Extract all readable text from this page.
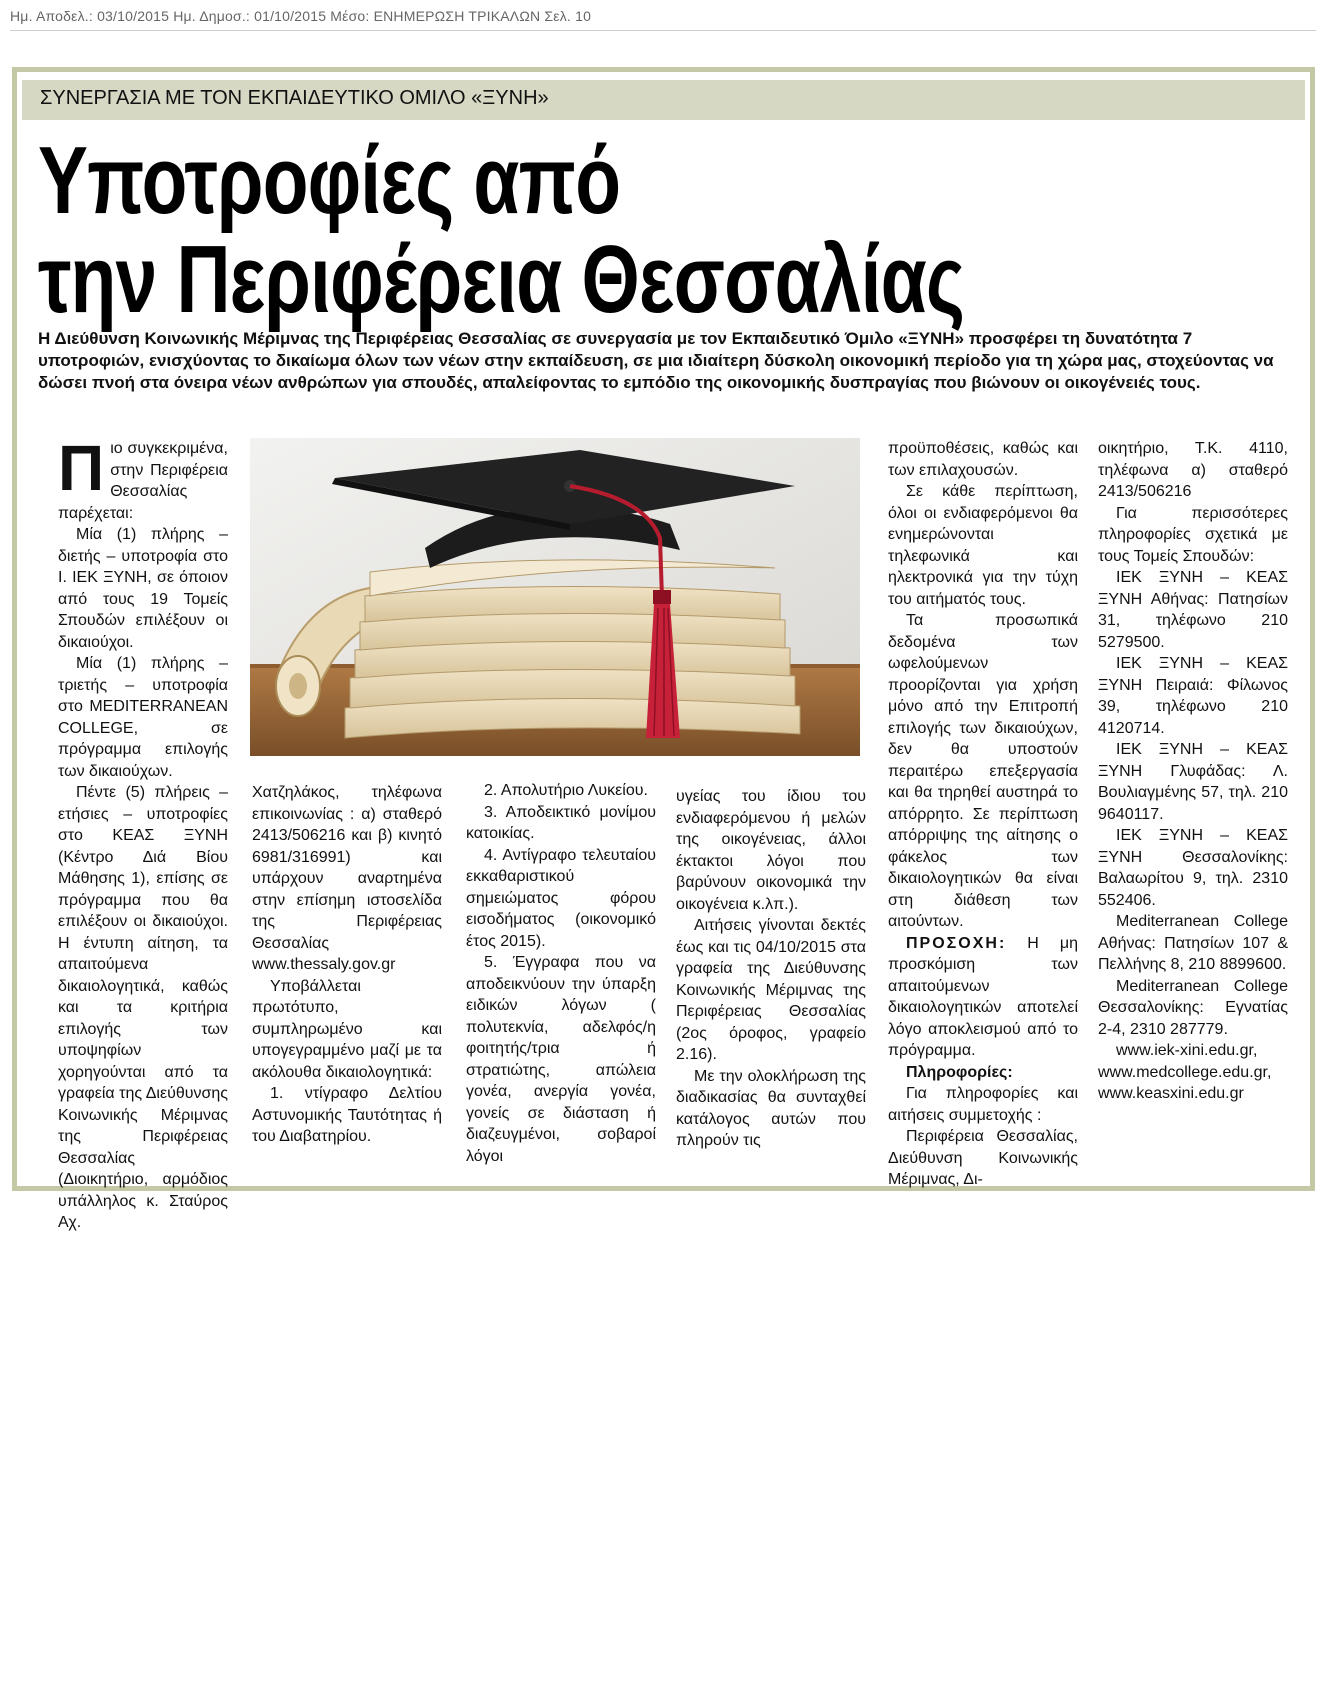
Ημ. Αποδελ.: 03/10/2015 Ημ. Δημοσ.: 01/10/2015 Μέσο: ΕΝΗΜΕΡΩΣΗ ΤΡΙΚΑΛΩΝ Σελ. 10
ΣΥΝΕΡΓΑΣΙΑ ΜΕ ΤΟΝ ΕΚΠΑΙΔΕΥΤΙΚΟ ΟΜΙΛΟ «ΞΥΝΗ»
Υποτροφίες από
την Περιφέρεια Θεσσαλίας
Η Διεύθυνση Κοινωνικής Μέριμνας της Περιφέρειας Θεσσαλίας σε συνεργασία με τον Εκπαιδευτικό Όμιλο «ΞΥΝΗ» προσφέρει τη δυνατότητα 7 υποτροφιών, ενισχύοντας το δικαίωμα όλων των νέων στην εκπαίδευση, σε μια ιδιαίτερη δύσκολη οικονομική περίοδο για τη χώρα μας, στοχεύοντας να δώσει πνοή στα όνειρα νέων ανθρώπων για σπουδές, απαλείφοντας το εμπόδιο της οικονομικής δυσπραγίας που βιώνουν οι οικογένειές τους.

Πιο συγκεκριμένα, στην Περιφέρεια Θεσσαλίας παρέχεται:

Μία (1) πλήρης – διετής – υποτροφία στο Ι. ΙΕΚ ΞΥΝΗ, σε όποιον από τους 19 Τομείς Σπουδών επιλέξουν οι δικαιούχοι.

Μία (1) πλήρης – τριετής – υποτροφία στο MEDITERRANEAN COLLEGE, σε πρόγραμμα επιλογής των δικαιούχων.

Πέντε (5) πλήρεις – ετήσιες – υποτροφίες στο ΚΕΑΣ ΞΥΝΗ (Κέντρο Διά Βίου Μάθησης 1), επίσης σε πρόγραμμα που θα επιλέξουν οι δικαιούχοι. Η έντυπη αίτηση, τα απαιτούμενα δικαιολογητικά, καθώς και τα κριτήρια επιλογής των υποψηφίων χορηγούνται από τα γραφεία της Διεύθυνσης Κοινωνικής Μέριμνας της Περιφέρειας Θεσσαλίας (Διοικητήριο, αρμόδιος υπάλληλος κ. Σταύρος Αχ.

Χατζηλάκος, τηλέφωνα επικοινωνίας : α) σταθερό 2413/506216 και β) κινητό 6981/316991) και υπάρχουν αναρτημένα στην επίσημη ιστοσελίδα της Περιφέρειας Θεσσαλίας www.thessaly.gov.gr

Υποβάλλεται πρωτότυπο, συμπληρωμένο και υπογεγραμμένο μαζί με τα ακόλουθα δικαιολογητικά:

1. ντίγραφο Δελτίου Αστυνομικής Ταυτότητας ή του Διαβατηρίου.

2. Απολυτήριο Λυκείου.

3. Αποδεικτικό μονίμου κατοικίας.

4. Αντίγραφο τελευταίου εκκαθαριστικού σημειώματος φόρου εισοδήματος (οικονομικό έτος 2015).

5. Έγγραφα που να αποδεικνύουν την ύπαρξη ειδικών λόγων ( πολυτεκνία, αδελφός/η φοιτητής/τρια ή στρατιώτης, απώλεια γονέα, ανεργία γονέα, γονείς σε διάσταση ή διαζευγμένοι, σοβαροί λόγοι

υγείας του ίδιου του ενδιαφερόμενου ή μελών της οικογένειας, άλλοι έκτακτοι λόγοι που βαρύνουν οικονομικά την οικογένεια κ.λπ.).

Αιτήσεις γίνονται δεκτές έως και τις 04/10/2015 στα γραφεία της Διεύθυνσης Κοινωνικής Μέριμνας της Περιφέρειας Θεσσαλίας (2ος όροφος, γραφείο 2.16).

Με την ολοκλήρωση της διαδικασίας θα συνταχθεί κατάλογος αυτών που πληρούν τις

προϋποθέσεις, καθώς και των επιλαχουσών.

Σε κάθε περίπτωση, όλοι οι ενδιαφερόμενοι θα ενημερώνονται τηλεφωνικά και ηλεκτρονικά για την τύχη του αιτήματός τους.

Τα προσωπικά δεδομένα των ωφελούμενων προορίζονται για χρήση μόνο από την Επιτροπή επιλογής των δικαιούχων, δεν θα υποστούν περαιτέρω επεξεργασία και θα τηρηθεί αυστηρά το απόρρητο. Σε περίπτωση απόρριψης της αίτησης ο φάκελος των δικαιολογητικών θα είναι στη διάθεση των αιτούντων.

ΠΡΟΣΟΧΗ: Η μη προσκόμιση των απαιτούμενων δικαιολογητικών αποτελεί λόγο αποκλεισμού από το πρόγραμμα.

Πληροφορίες:

Για πληροφορίες και αιτήσεις συμμετοχής :

Περιφέρεια Θεσσαλίας, Διεύθυνση Κοινωνικής Μέριμνας, Δι-

οικητήριο, Τ.Κ. 4110, τηλέφωνα α) σταθερό 2413/506216

Για περισσότερες πληροφορίες σχετικά με τους Τομείς Σπουδών:

ΙΕΚ ΞΥΝΗ – ΚΕΑΣ ΞΥΝΗ Αθήνας: Πατησίων 31, τηλέφωνο 210 5279500.

ΙΕΚ ΞΥΝΗ – ΚΕΑΣ ΞΥΝΗ Πειραιά: Φίλωνος 39, τηλέφωνο 210 4120714.

ΙΕΚ ΞΥΝΗ – ΚΕΑΣ ΞΥΝΗ Γλυφάδας: Λ. Βουλιαγμένης 57, τηλ. 210 9640117.

ΙΕΚ ΞΥΝΗ – ΚΕΑΣ ΞΥΝΗ Θεσσαλονίκης: Βαλαωρίτου 9, τηλ. 2310 552406.

Mediterranean College Αθήνας: Πατησίων 107 & Πελλήνης 8, 210 8899600.

Mediterranean College Θεσσαλονίκης: Εγνατίας 2-4, 2310 287779.

www.iek-xini.edu.gr, www.medcollege.edu.gr, www.keasxini.edu.gr
